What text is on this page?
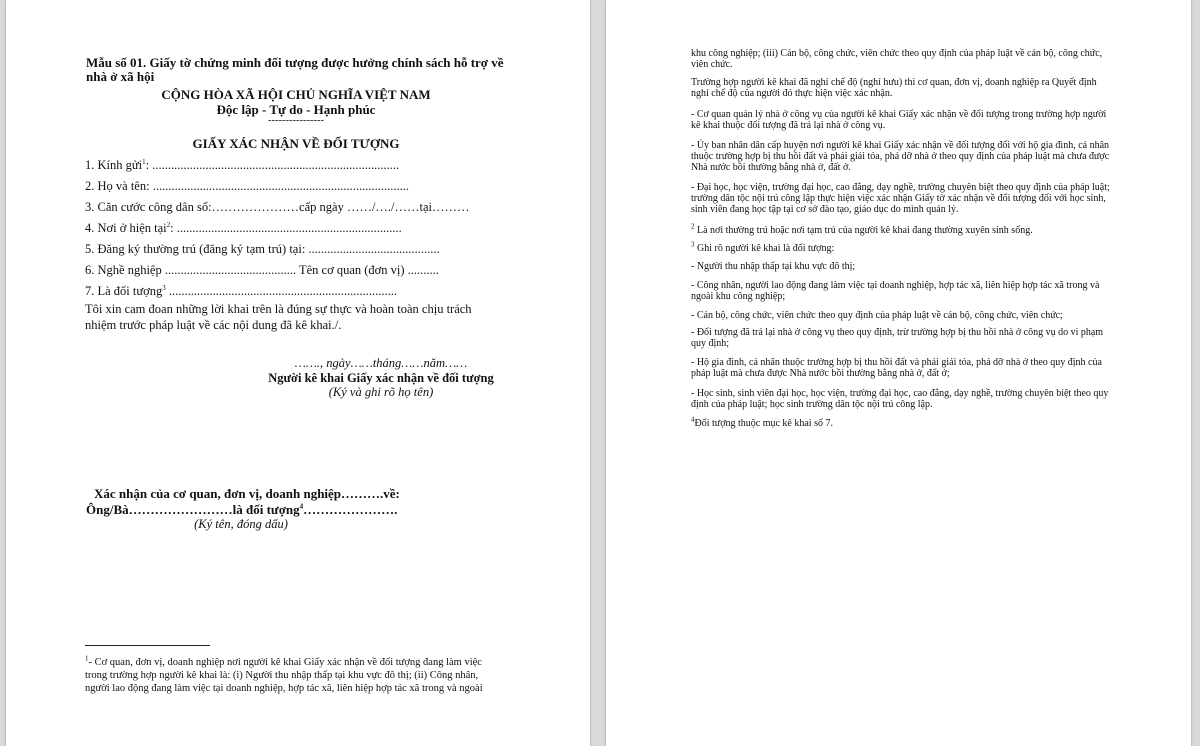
Mẫu số 01. Giấy tờ chứng minh đối tượng được hưởng chính sách hỗ trợ về
nhà ở xã hội
CỘNG HÒA XÃ HỘI CHỦ NGHĨA VIỆT NAM
Độc lập - Tự do - Hạnh phúc
----------------
GIẤY XÁC NHẬN VỀ ĐỐI TƯỢNG
1. Kính gửi$^1$: ...............................................................................
2. Họ và tên: ..................................................................................
3. Căn cước công dân số:…………………cấp ngày ……/…./……tại………
4. Nơi ở hiện tại$^2$: ........................................................................
5. Đăng ký thường trú (đăng ký tạm trú) tại: ..........................................
6. Nghề nghiệp .......................................... Tên cơ quan (đơn vị) ..........
7. Là đối tượng$^3$ .........................................................................
Tôi xin cam đoan những lời khai trên là đúng sự thực và hoàn toàn chịu trách
nhiệm trước pháp luật về các nội dung đã kê khai./.
……., ngày……tháng……năm……
Người kê khai Giấy xác nhận về đối tượng
(Ký và ghi rõ họ tên)
Xác nhận của cơ quan, đơn vị, doanh nghiệp……….về:
Ông/Bà……………………là đối tượng$^4$………………….
(Ký tên, đóng dấu)
$^1$- Cơ quan, đơn vị, doanh nghiệp nơi người kê khai Giấy xác nhận về đối tượng đang làm việc
trong trường hợp người kê khai là: (i) Người thu nhập thấp tại khu vực đô thị; (ii) Công nhân,
người lao động đang làm việc tại doanh nghiệp, hợp tác xã, liên hiệp hợp tác xã trong và ngoài
khu công nghiệp; (iii) Cán bộ, công chức, viên chức theo quy định của pháp luật về cán bộ, công chức, viên chức.
Trường hợp người kê khai đã nghỉ chế độ (nghỉ hưu) thì cơ quan, đơn vị, doanh nghiệp ra Quyết định nghỉ chế độ của người đó thực hiện việc xác nhận.
- Cơ quan quản lý nhà ở công vụ của người kê khai Giấy xác nhận về đối tượng trong trường hợp người kê khai thuộc đối tượng đã trả lại nhà ở công vụ.
- Ủy ban nhân dân cấp huyện nơi người kê khai Giấy xác nhận về đối tượng đối với hộ gia đình, cá nhân thuộc trường hợp bị thu hồi đất và phải giải tỏa, phá dỡ nhà ở theo quy định của pháp luật mà chưa được Nhà nước bồi thường bằng nhà ở, đất ở.
- Đại học, học viện, trường đại học, cao đẳng, dạy nghề, trường chuyên biệt theo quy định của pháp luật; trường dân tộc nội trú công lập thực hiện việc xác nhận Giấy tờ xác nhận về đối tượng đối với học sinh, sinh viên đang học tập tại cơ sở đào tạo, giáo dục do mình quản lý.
$^2$ Là nơi thường trú hoặc nơi tạm trú của người kê khai đang thường xuyên sinh sống.
$^3$ Ghi rõ người kê khai là đối tượng:
- Người thu nhập thấp tại khu vực đô thị;
- Công nhân, người lao động đang làm việc tại doanh nghiệp, hợp tác xã, liên hiệp hợp tác xã trong và ngoài khu công nghiệp;
- Cán bộ, công chức, viên chức theo quy định của pháp luật về cán bộ, công chức, viên chức;
- Đối tượng đã trả lại nhà ở công vụ theo quy định, trừ trường hợp bị thu hồi nhà ở công vụ do vi phạm quy định;
- Hộ gia đình, cá nhân thuộc trường hợp bị thu hồi đất và phải giải tỏa, phá dỡ nhà ở theo quy định của pháp luật mà chưa được Nhà nước bồi thường bằng nhà ở, đất ở;
- Học sinh, sinh viên đại học, học viện, trường đại học, cao đẳng, dạy nghề, trường chuyên biệt theo quy định của pháp luật; học sinh trường dân tộc nội trú công lập.
$^4$Đối tượng thuộc mục kê khai số 7.
